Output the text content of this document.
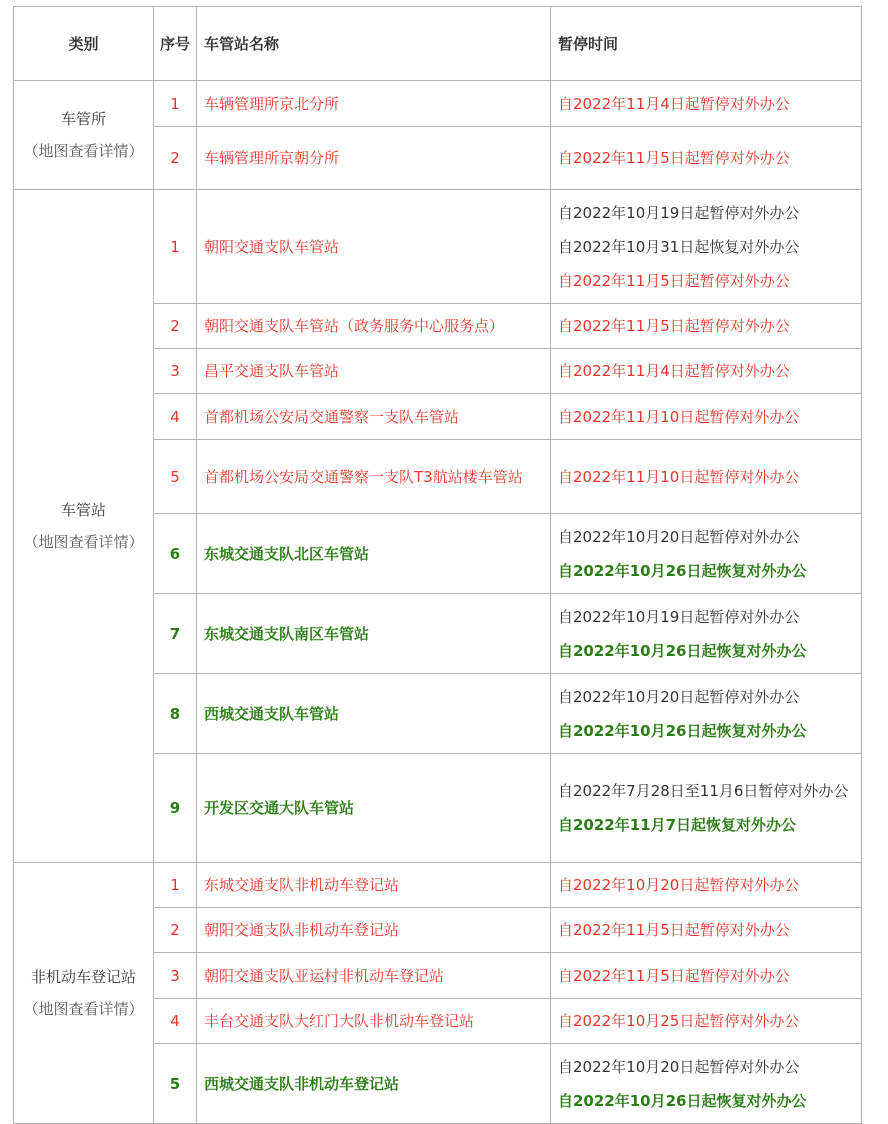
类别	序号	车管站名称	暂停时间

车管所
（地图查看详情）	1	车辆管理所京北分所	自2022年11月4日起暂停对外办公

	2	车辆管理所京朝分所	自2022年11月5日起暂停对外办公

车管站
（地图查看详情）	1	朝阳交通支队车管站	自2022年10月19日起暂停对外办公
自2022年10月31日起恢复对外办公
自2022年11月5日起暂停对外办公

	2	朝阳交通支队车管站（政务服务中心服务点）	自2022年11月5日起暂停对外办公

	3	昌平交通支队车管站	自2022年11月4日起暂停对外办公

	4	首都机场公安局交通警察一支队车管站	自2022年11月10日起暂停对外办公

	5	首都机场公安局交通警察一支队T3航站楼车管站	自2022年11月10日起暂停对外办公

	6	东城交通支队北区车管站	自2022年10月20日起暂停对外办公
自2022年10月26日起恢复对外办公

	7	东城交通支队南区车管站	自2022年10月19日起暂停对外办公
自2022年10月26日起恢复对外办公

	8	西城交通支队车管站	自2022年10月20日起暂停对外办公
自2022年10月26日起恢复对外办公

	9	开发区交通大队车管站	自2022年7月28日至11月6日暂停对外办公
自2022年11月7日起恢复对外办公

非机动车登记站
（地图查看详情）	1	东城交通支队非机动车登记站	自2022年10月20日起暂停对外办公

	2	朝阳交通支队非机动车登记站	自2022年11月5日起暂停对外办公

	3	朝阳交通支队亚运村非机动车登记站	自2022年11月5日起暂停对外办公

	4	丰台交通支队大红门大队非机动车登记站	自2022年10月25日起暂停对外办公

	5	西城交通支队非机动车登记站	自2022年10月20日起暂停对外办公
自2022年10月26日起恢复对外办公
